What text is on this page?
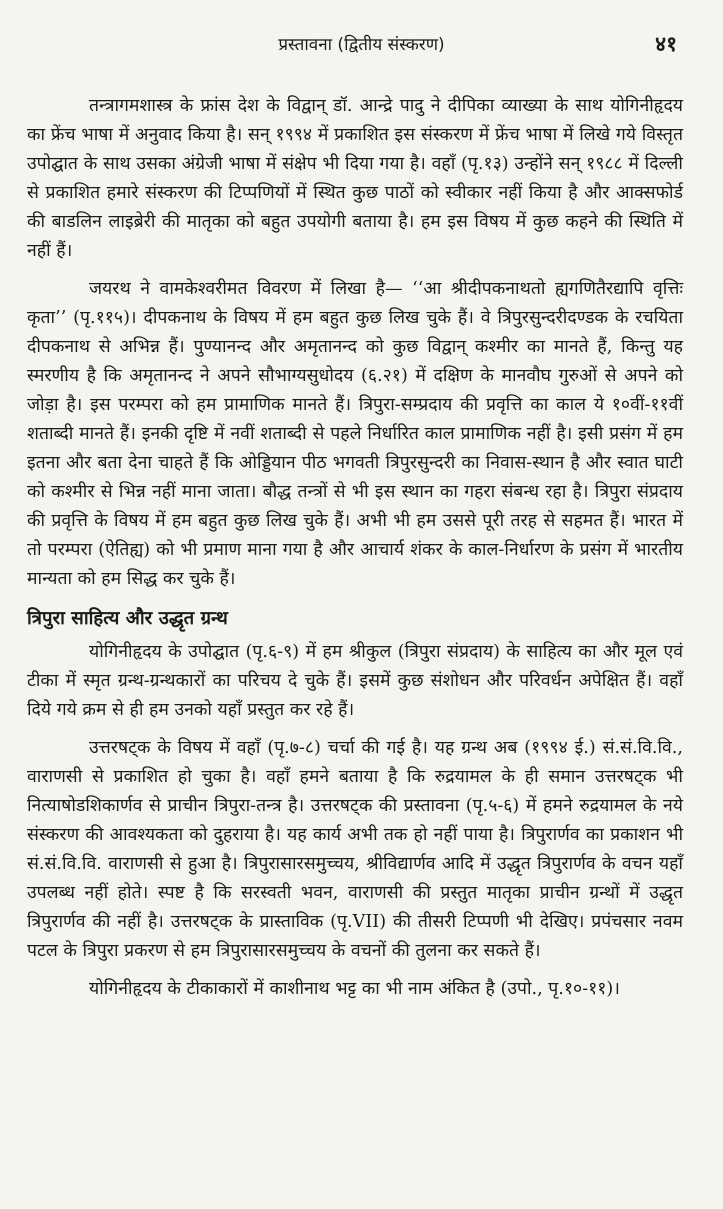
प्रस्तावना (द्वितीय संस्करण)	४१

तन्त्रागमशास्त्र के फ्रांस देश के विद्वान् डॉ. आन्द्रे पादु ने दीपिका व्याख्या के साथ योगिनीहृदय का फ्रेंच भाषा में अनुवाद किया है। सन् १९९४ में प्रकाशित इस संस्करण में फ्रेंच भाषा में लिखे गये विस्तृत उपोद्घात के साथ उसका अंग्रेजी भाषा में संक्षेप भी दिया गया है। वहाँ (पृ.१३) उन्होंने सन् १९८८ में दिल्ली से प्रकाशित हमारे संस्करण की टिप्पणियों में स्थित कुछ पाठों को स्वीकार नहीं किया है और आक्सफोर्ड की बाडलिन लाइब्रेरी की मातृका को बहुत उपयोगी बताया है। हम इस विषय में कुछ कहने की स्थिति में नहीं हैं।

जयरथ ने वामकेश्वरीमत विवरण में लिखा है— ‘‘आ श्रीदीपकनाथतो ह्यगणितैरद्यापि वृत्तिः कृता’’ (पृ.११५)। दीपकनाथ के विषय में हम बहुत कुछ लिख चुके हैं। वे त्रिपुरसुन्दरीदण्डक के रचयिता दीपकनाथ से अभिन्न हैं। पुण्यानन्द और अमृतानन्द को कुछ विद्वान् कश्मीर का मानते हैं, किन्तु यह स्मरणीय है कि अमृतानन्द ने अपने सौभाग्यसुधोदय (६.२१) में दक्षिण के मानवौघ गुरुओं से अपने को जोड़ा है। इस परम्परा को हम प्रामाणिक मानते हैं। त्रिपुरा-सम्प्रदाय की प्रवृत्ति का काल ये १०वीं-११वीं शताब्दी मानते हैं। इनकी दृष्टि में नवीं शताब्दी से पहले निर्धारित काल प्रामाणिक नहीं है। इसी प्रसंग में हम इतना और बता देना चाहते हैं कि ओड्डियान पीठ भगवती त्रिपुरसुन्दरी का निवास-स्थान है और स्वात घाटी को कश्मीर से भिन्न नहीं माना जाता। बौद्ध तन्त्रों से भी इस स्थान का गहरा संबन्ध रहा है। त्रिपुरा संप्रदाय की प्रवृत्ति के विषय में हम बहुत कुछ लिख चुके हैं। अभी भी हम उससे पूरी तरह से सहमत हैं। भारत में तो परम्परा (ऐतिह्य) को भी प्रमाण माना गया है और आचार्य शंकर के काल-निर्धारण के प्रसंग में भारतीय मान्यता को हम सिद्ध कर चुके हैं।

त्रिपुरा साहित्य और उद्धृत ग्रन्थ

योगिनीहृदय के उपोद्घात (पृ.६-९) में हम श्रीकुल (त्रिपुरा संप्रदाय) के साहित्य का और मूल एवं टीका में स्मृत ग्रन्थ-ग्रन्थकारों का परिचय दे चुके हैं। इसमें कुछ संशोधन और परिवर्धन अपेक्षित हैं। वहाँ दिये गये क्रम से ही हम उनको यहाँ प्रस्तुत कर रहे हैं।

उत्तरषट्क के विषय में वहाँ (पृ.७-८) चर्चा की गई है। यह ग्रन्थ अब (१९९४ ई.) सं.सं.वि.वि., वाराणसी से प्रकाशित हो चुका है। वहाँ हमने बताया है कि रुद्रयामल के ही समान उत्तरषट्क भी नित्याषोडशिकार्णव से प्राचीन त्रिपुरा-तन्त्र है। उत्तरषट्क की प्रस्तावना (पृ.५-६) में हमने रुद्रयामल के नये संस्करण की आवश्यकता को दुहराया है। यह कार्य अभी तक हो नहीं पाया है। त्रिपुरार्णव का प्रकाशन भी सं.सं.वि.वि. वाराणसी से हुआ है। त्रिपुरासारसमुच्चय, श्रीविद्यार्णव आदि में उद्धृत त्रिपुरार्णव के वचन यहाँ उपलब्ध नहीं होते। स्पष्ट है कि सरस्वती भवन, वाराणसी की प्रस्तुत मातृका प्राचीन ग्रन्थों में उद्धृत त्रिपुरार्णव की नहीं है। उत्तरषट्क के प्रास्ताविक (पृ.VII) की तीसरी टिप्पणी भी देखिए। प्रपंचसार नवम पटल के त्रिपुरा प्रकरण से हम त्रिपुरासारसमुच्चय के वचनों की तुलना कर सकते हैं।

योगिनीहृदय के टीकाकारों में काशीनाथ भट्ट का भी नाम अंकित है (उपो., पृ.१०-११)।
